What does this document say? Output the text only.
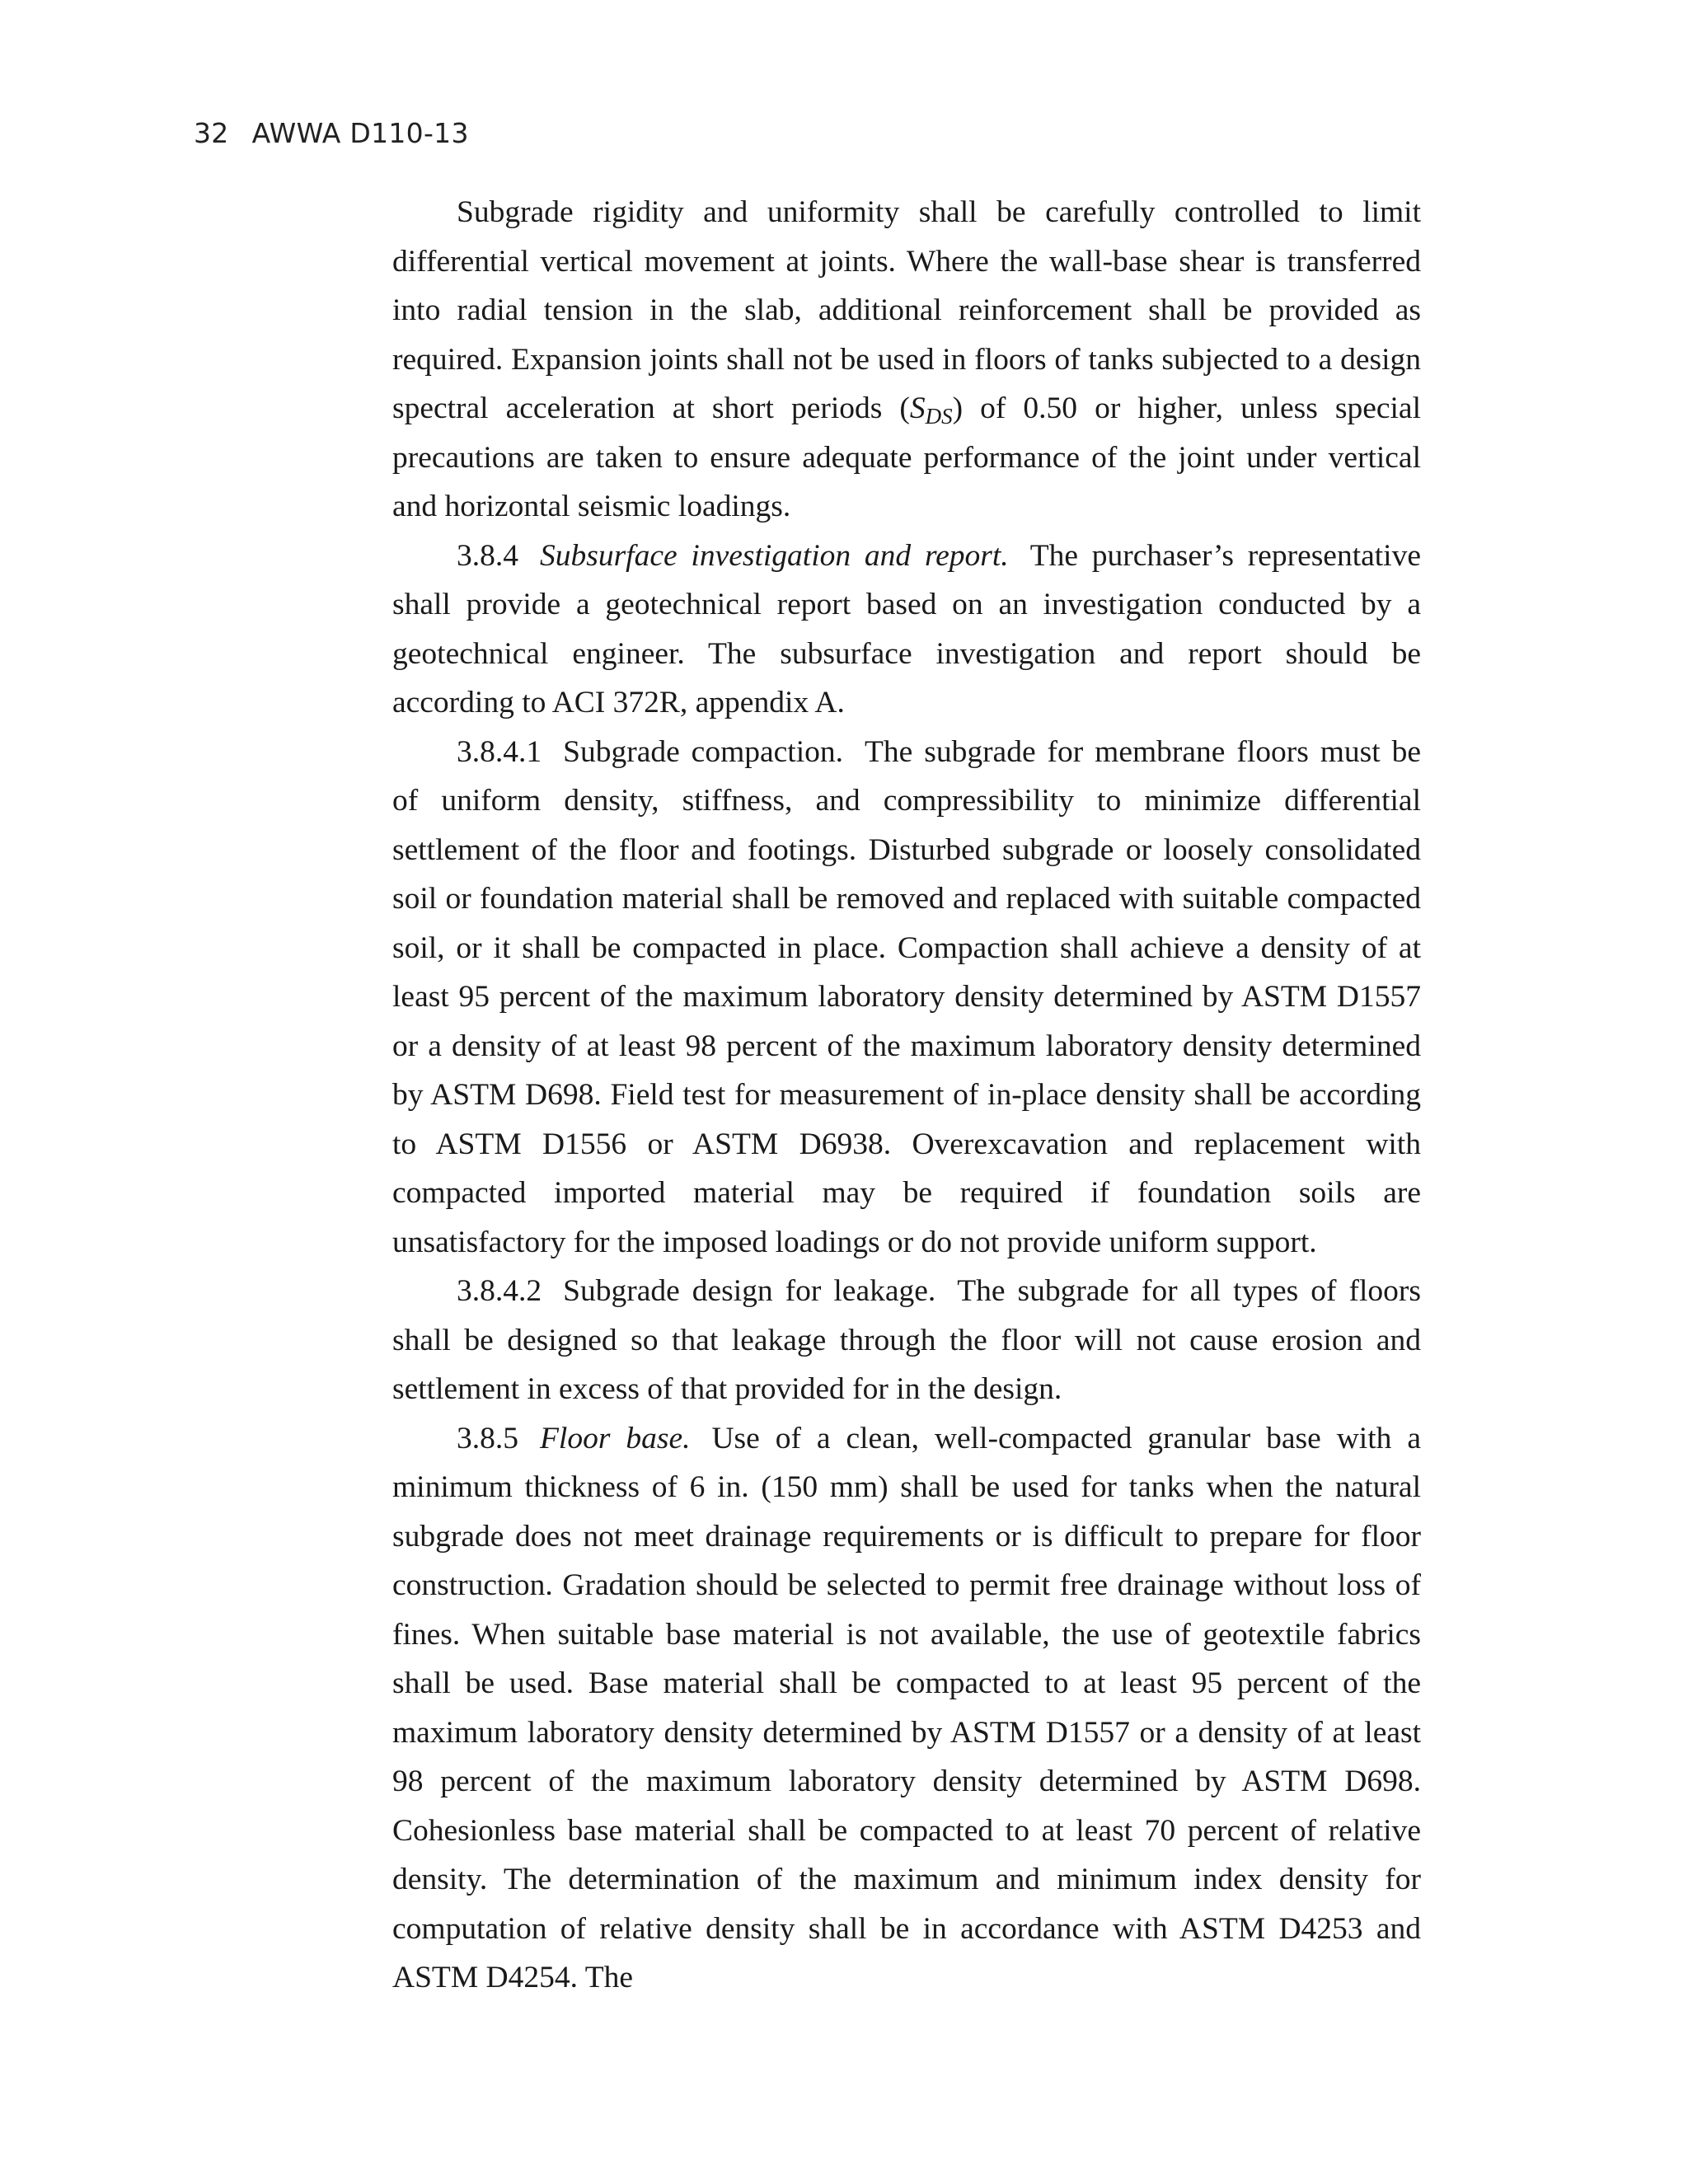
32 AWWA D110-13

Subgrade rigidity and uniformity shall be carefully controlled to limit differential vertical movement at joints. Where the wall-base shear is transferred into radial tension in the slab, additional reinforcement shall be provided as required. Expansion joints shall not be used in floors of tanks subjected to a design spectral acceleration at short periods $(S_{DS})$ of 0.50 or higher, unless special precautions are taken to ensure adequate performance of the joint under vertical and horizontal seismic loadings.

3.8.4 Subsurface investigation and report. The purchaser’s representative shall provide a geotechnical report based on an investigation conducted by a geotechnical engineer. The subsurface investigation and report should be according to ACI 372R, appendix A.

3.8.4.1 Subgrade compaction. The subgrade for membrane floors must be of uniform density, stiffness, and compressibility to minimize differential settlement of the floor and footings. Disturbed subgrade or loosely consolidated soil or foundation material shall be removed and replaced with suitable compacted soil, or it shall be compacted in place. Compaction shall achieve a density of at least 95 percent of the maximum laboratory density determined by ASTM D1557 or a density of at least 98 percent of the maximum laboratory density determined by ASTM D698. Field test for measurement of in-place density shall be according to ASTM D1556 or ASTM D6938. Overexcavation and replacement with compacted imported material may be required if foundation soils are unsatisfactory for the imposed loadings or do not provide uniform support.

3.8.4.2 Subgrade design for leakage. The subgrade for all types of floors shall be designed so that leakage through the floor will not cause erosion and settlement in excess of that provided for in the design.

3.8.5 Floor base. Use of a clean, well-compacted granular base with a minimum thickness of 6 in. (150 mm) shall be used for tanks when the natural subgrade does not meet drainage requirements or is difficult to prepare for floor construction. Gradation should be selected to permit free drainage without loss of fines. When suitable base material is not available, the use of geotextile fabrics shall be used. Base material shall be compacted to at least 95 percent of the maximum laboratory density determined by ASTM D1557 or a density of at least 98 percent of the maximum laboratory density determined by ASTM D698. Cohesionless base material shall be compacted to at least 70 percent of relative density. The determination of the maximum and minimum index density for computation of relative density shall be in accordance with ASTM D4253 and ASTM D4254. The
